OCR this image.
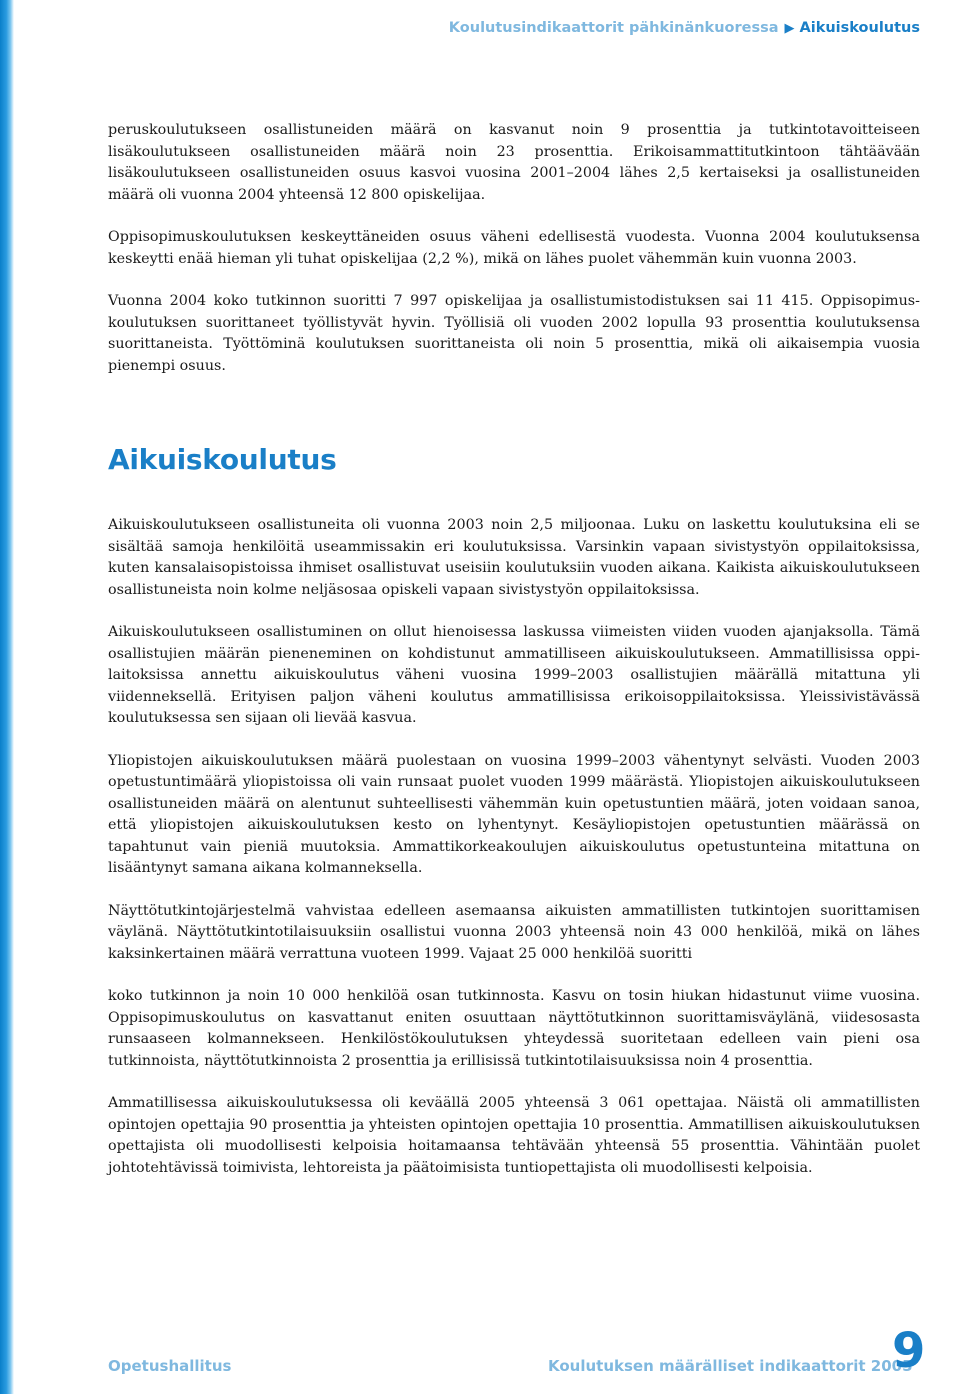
Koulutusindikaattorit pähkinänkuoressa ▶ Aikuiskoulutus

peruskoulutukseen osallistuneiden määrä on kasvanut noin 9 prosenttia ja tutkintotavoitteiseen lisäkoulutukseen osallistuneiden määrä noin 23 prosenttia. Erikoisammattitutkintoon tähtäävään lisäkoulutukseen osallistuneiden osuus kasvoi vuosina 2001–2004 lähes 2,5 kertaiseksi ja osallistuneiden määrä oli vuonna 2004 yhteensä 12 800 opiskelijaa.

Oppisopimuskoulutuksen keskeyttäneiden osuus väheni edellisestä vuodesta. Vuonna 2004 koulutuksensa keskeytti enää hieman yli tuhat opiskelijaa (2,2 %), mikä on lähes puolet vähemmän kuin vuonna 2003.

Vuonna 2004 koko tutkinnon suoritti 7 997 opiskelijaa ja osallistumistodistuksen sai 11 415. Oppisopimuskoulutuksen suorittaneet työllistyvät hyvin. Työllisiä oli vuoden 2002 lopulla 93 prosenttia koulutuksensa suorittaneista. Työttöminä koulutuksen suorittaneista oli noin 5 prosenttia, mikä oli aikaisempia vuosia pienempi osuus.

Aikuiskoulutus

Aikuiskoulutukseen osallistuneita oli vuonna 2003 noin 2,5 miljoonaa. Luku on laskettu koulutuksina eli se sisältää samoja henkilöitä useammissakin eri koulutuksissa. Varsinkin vapaan sivistystyön oppilaitoksissa, kuten kansalaisopistoissa ihmiset osallistuvat useisiin koulutuksiin vuoden aikana. Kaikista aikuiskoulutukseen osallistuneista noin kolme neljäsosaa opiskeli vapaan sivistystyön oppilaitoksissa.

Aikuiskoulutukseen osallistuminen on ollut hienoisessa laskussa viimeisten viiden vuoden ajanjaksolla. Tämä osallistujien määrän pieneneminen on kohdistunut ammatilliseen aikuiskoulutukseen. Ammatillisissa oppilaitoksissa annettu aikuiskoulutus väheni vuosina 1999–2003 osallistujien määrällä mitattuna yli viidenneksellä. Erityisen paljon väheni koulutus ammatillisissa erikoisoppilaitoksissa. Yleissivistävässä koulutuksessa sen sijaan oli lievää kasvua.

Yliopistojen aikuiskoulutuksen määrä puolestaan on vuosina 1999–2003 vähentynyt selvästi. Vuoden 2003 opetustuntimäärä yliopistoissa oli vain runsaat puolet vuoden 1999 määrästä. Yliopistojen aikuiskoulutukseen osallistuneiden määrä on alentunut suhteellisesti vähemmän kuin opetustuntien määrä, joten voidaan sanoa, että yliopistojen aikuiskoulutuksen kesto on lyhentynyt. Kesäyliopistojen opetustuntien määrässä on tapahtunut vain pieniä muutoksia. Ammattikorkeakoulujen aikuiskoulutus opetustunteina mitattuna on lisääntynyt samana aikana kolmanneksella.

Näyttötutkintojärjestelmä vahvistaa edelleen asemaansa aikuisten ammatillisten tutkintojen suorittamisen väylänä. Näyttötutkintotilaisuuksiin osallistui vuonna 2003 yhteensä noin 43 000 henkilöä, mikä on lähes kaksinkertainen määrä verrattuna vuoteen 1999. Vajaat 25 000 henkilöä suoritti

koko tutkinnon ja noin 10 000 henkilöä osan tutkinnosta. Kasvu on tosin hiukan hidastunut viime vuosina. Oppisopimuskoulutus on kasvattanut eniten osuuttaan näyttötutkinnon suorittamisväylänä, viidesosasta runsaaseen kolmannekseen. Henkilöstökoulutuksen yhteydessä suoritetaan edelleen vain pieni osa tutkinnoista, näyttötutkinnoista 2 prosenttia ja erillisissä tutkintotilaisuuksissa noin 4 prosenttia.

Ammatillisessa aikuiskoulutuksessa oli keväällä 2005 yhteensä 3 061 opettajaa. Näistä oli ammatillisten opintojen opettajia 90 prosenttia ja yhteisten opintojen opettajia 10 prosenttia. Ammatillisen aikuiskoulutuksen opettajista oli muodollisesti kelpoisia hoitamaansa tehtävään yhteensä 55 prosenttia. Vähintään puolet johtotehtävissä toimivista, lehtoreista ja päätoimisista tuntiopettajista oli muodollisesti kelpoisia.

Opetushallitus	Koulutuksen määrälliset indikaattorit 2005
9
